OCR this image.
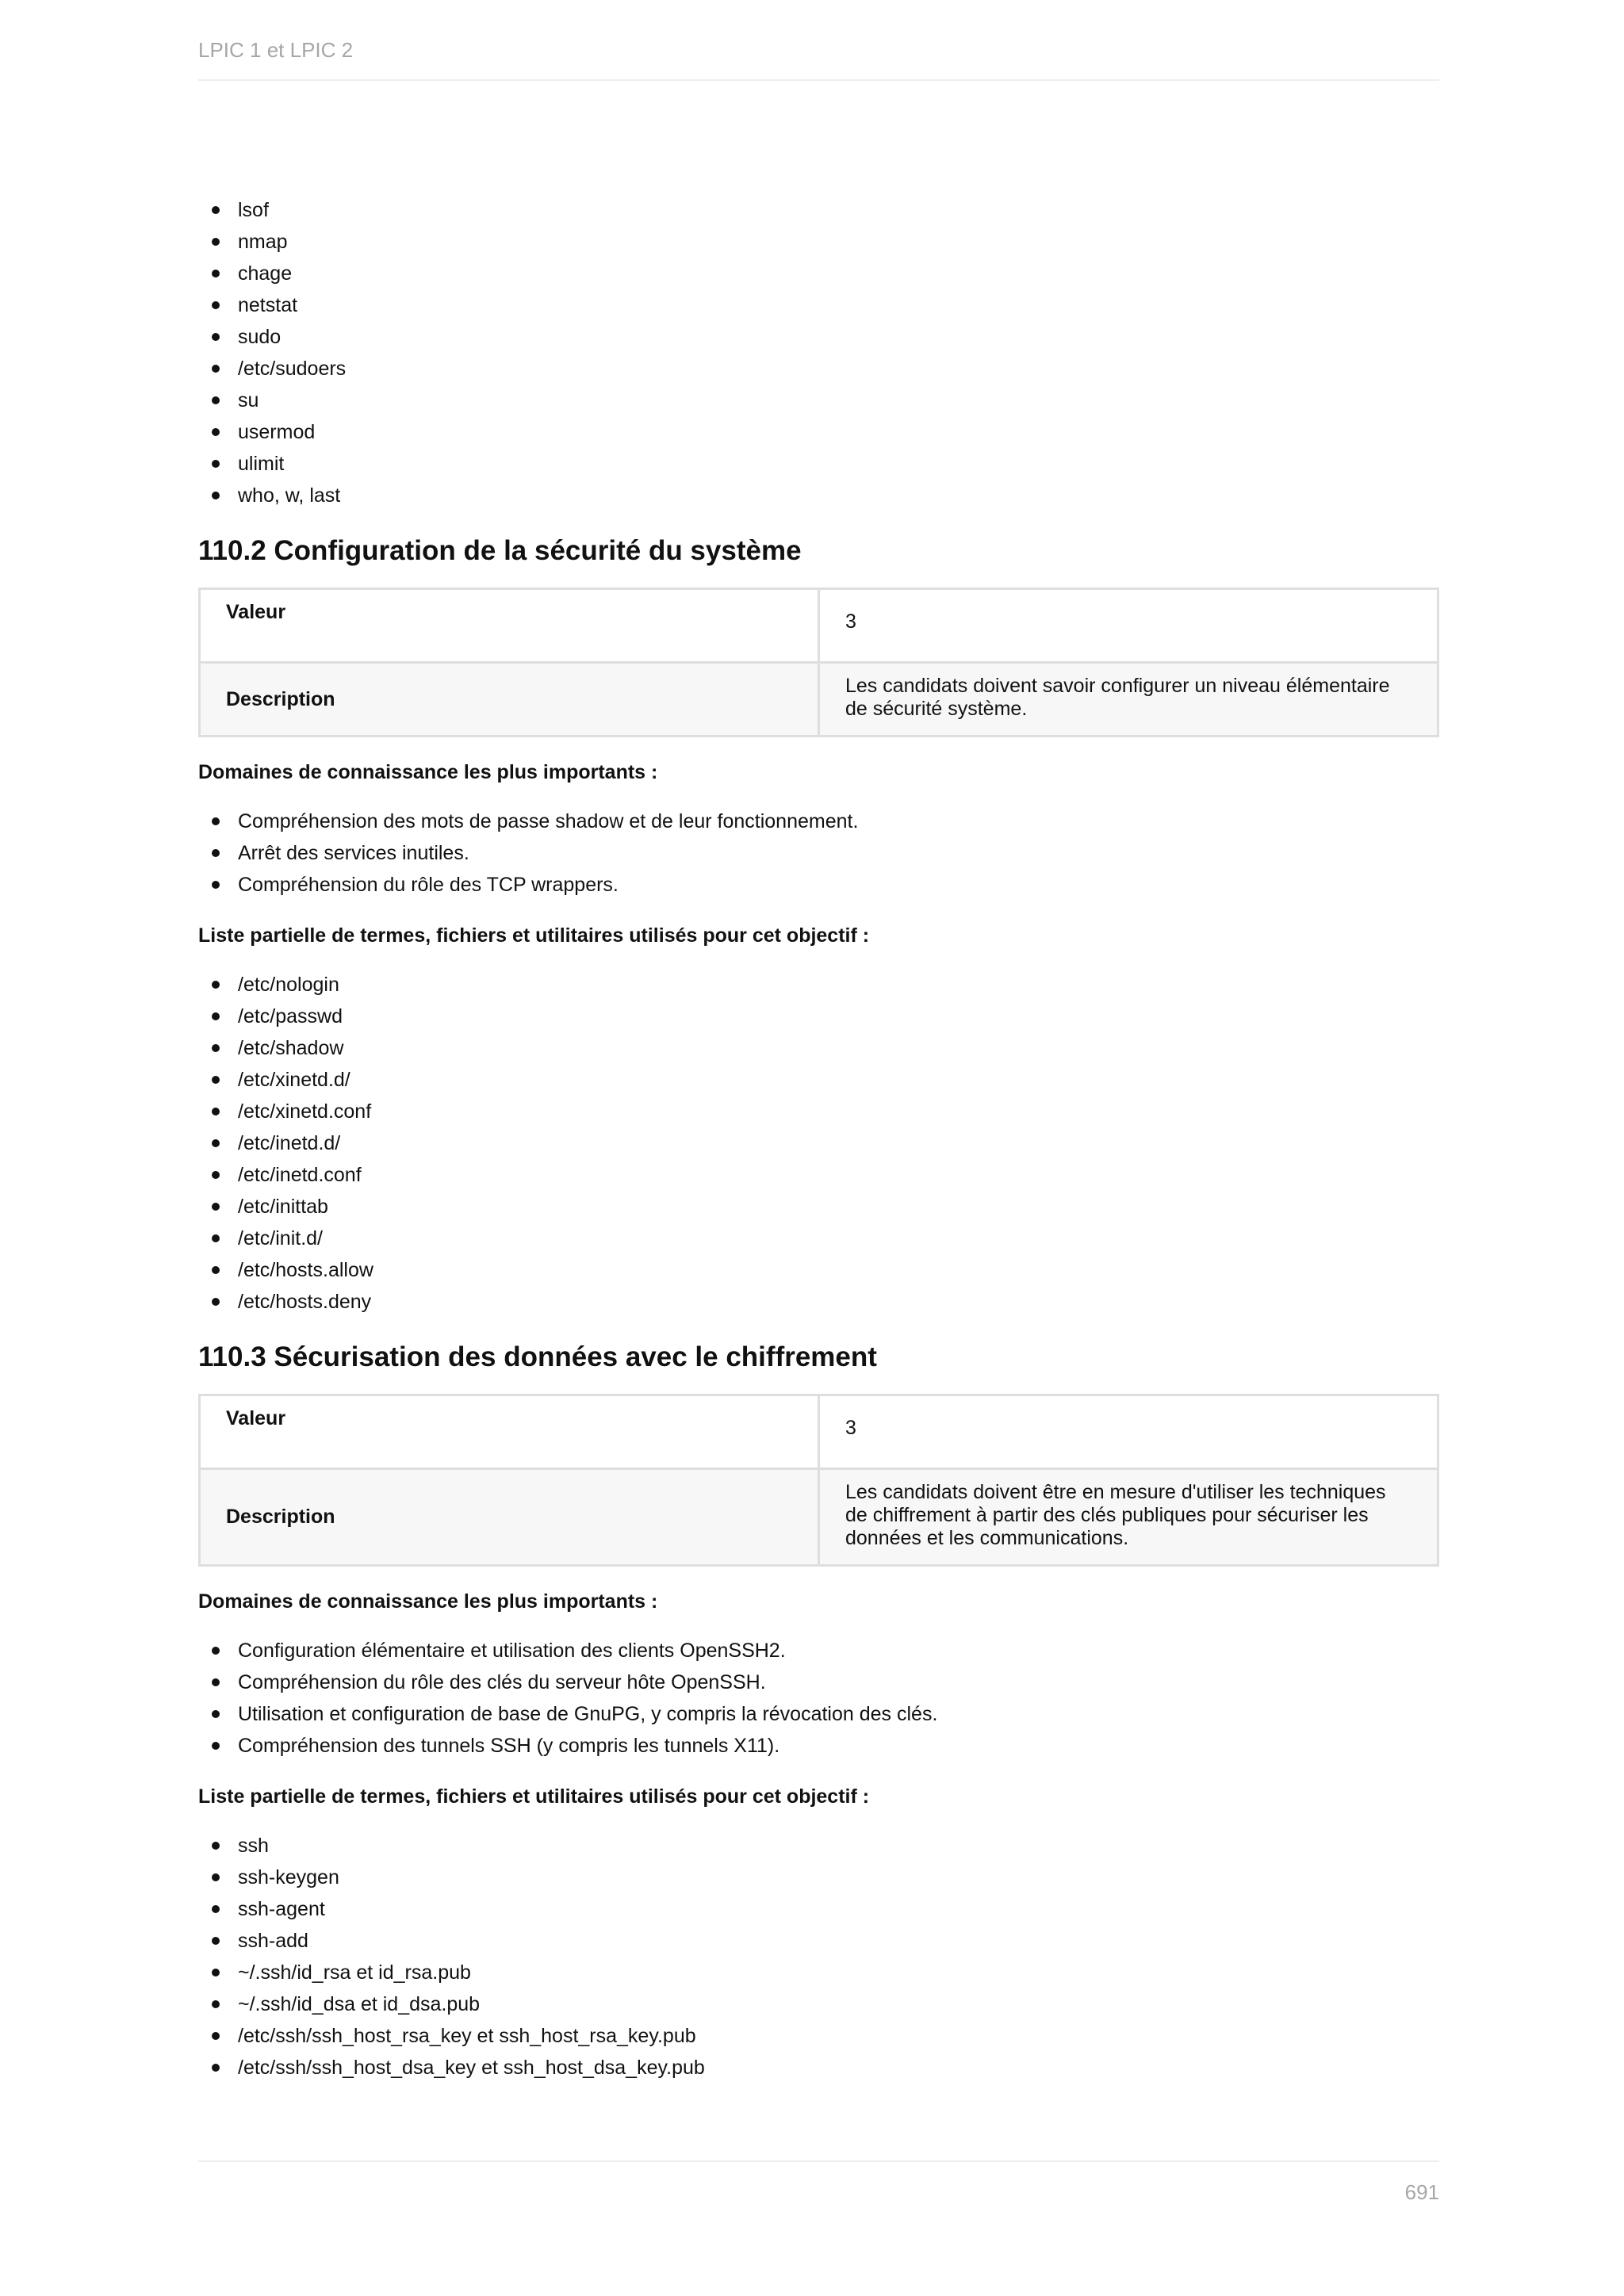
LPIC 1 et LPIC 2
lsof
nmap
chage
netstat
sudo
/etc/sudoers
su
usermod
ulimit
who, w, last
110.2 Configuration de la sécurité du système
Valeur	3
Description	Les candidats doivent savoir configurer un niveau élémentaire de sécurité système.
Domaines de connaissance les plus importants :
Compréhension des mots de passe shadow et de leur fonctionnement.
Arrêt des services inutiles.
Compréhension du rôle des TCP wrappers.
Liste partielle de termes, fichiers et utilitaires utilisés pour cet objectif :
/etc/nologin
/etc/passwd
/etc/shadow
/etc/xinetd.d/
/etc/xinetd.conf
/etc/inetd.d/
/etc/inetd.conf
/etc/inittab
/etc/init.d/
/etc/hosts.allow
/etc/hosts.deny
110.3 Sécurisation des données avec le chiffrement
Valeur	3
Description	Les candidats doivent être en mesure d'utiliser les techniques de chiffrement à partir des clés publiques pour sécuriser les données et les communications.
Domaines de connaissance les plus importants :
Configuration élémentaire et utilisation des clients OpenSSH2.
Compréhension du rôle des clés du serveur hôte OpenSSH.
Utilisation et configuration de base de GnuPG, y compris la révocation des clés.
Compréhension des tunnels SSH (y compris les tunnels X11).
Liste partielle de termes, fichiers et utilitaires utilisés pour cet objectif :
ssh
ssh-keygen
ssh-agent
ssh-add
~/.ssh/id_rsa et id_rsa.pub
~/.ssh/id_dsa et id_dsa.pub
/etc/ssh/ssh_host_rsa_key et ssh_host_rsa_key.pub
/etc/ssh/ssh_host_dsa_key et ssh_host_dsa_key.pub
691
